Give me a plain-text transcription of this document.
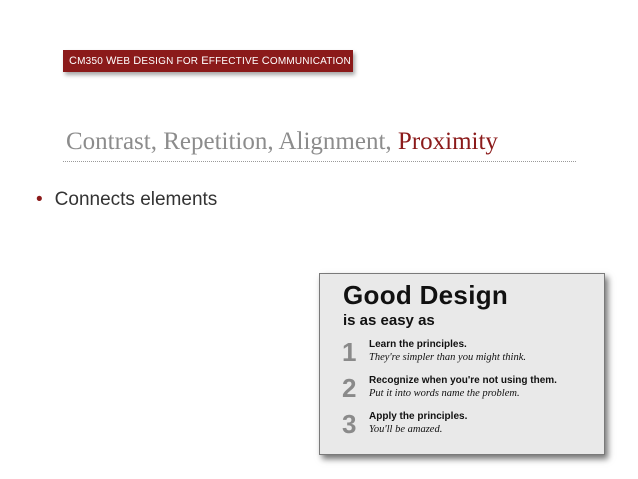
CM350 WEB DESIGN FOR EFFECTIVE COMMUNICATION
Contrast, Repetition, Alignment, Proximity
• Connects elements
Good Design
is as easy as
1 Learn the principles.
They're simpler than you might think.
2 Recognize when you're not using them.
Put it into words name the problem.
3 Apply the principles.
You'll be amazed.
